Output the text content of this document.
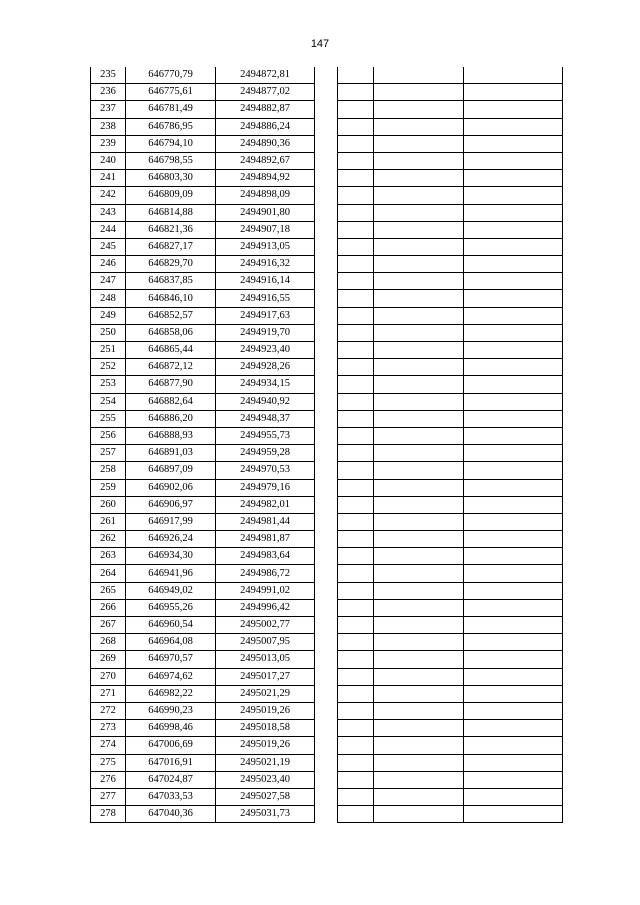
147
235	646770,79	2494872,81
236	646775,61	2494877,02
237	646781,49	2494882,87
238	646786,95	2494886,24
239	646794,10	2494890,36
240	646798,55	2494892,67
241	646803,30	2494894,92
242	646809,09	2494898,09
243	646814,88	2494901,80
244	646821,36	2494907,18
245	646827,17	2494913,05
246	646829,70	2494916,32
247	646837,85	2494916,14
248	646846,10	2494916,55
249	646852,57	2494917,63
250	646858,06	2494919,70
251	646865,44	2494923,40
252	646872,12	2494928,26
253	646877,90	2494934,15
254	646882,64	2494940,92
255	646886,20	2494948,37
256	646888,93	2494955,73
257	646891,03	2494959,28
258	646897,09	2494970,53
259	646902,06	2494979,16
260	646906,97	2494982,01
261	646917,99	2494981,44
262	646926,24	2494981,87
263	646934,30	2494983,64
264	646941,96	2494986,72
265	646949,02	2494991,02
266	646955,26	2494996,42
267	646960,54	2495002,77
268	646964,08	2495007,95
269	646970,57	2495013,05
270	646974,62	2495017,27
271	646982,22	2495021,29
272	646990,23	2495019,26
273	646998,46	2495018,58
274	647006,69	2495019,26
275	647016,91	2495021,19
276	647024,87	2495023,40
277	647033,53	2495027,58
278	647040,36	2495031,73
